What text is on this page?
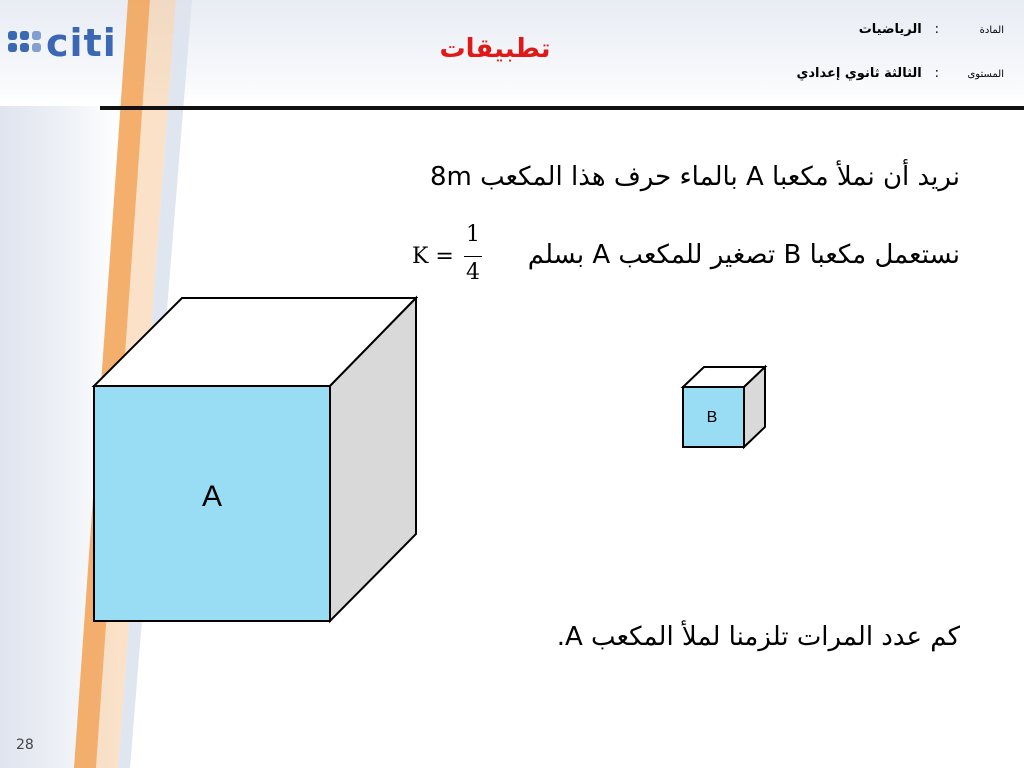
citi	تطبيقات
المادة : الرياضيات
المستوى : الثالثة ثانوي إعدادي
نريد أن نملأ مكعبا A بالماء حرف هذا المكعب 8m
نستعمل مكعبا B تصغير للمكعب A بسلم
كم عدد المرات تلزمنا لملأ المكعب A.
K =
1
4
A
B
28
